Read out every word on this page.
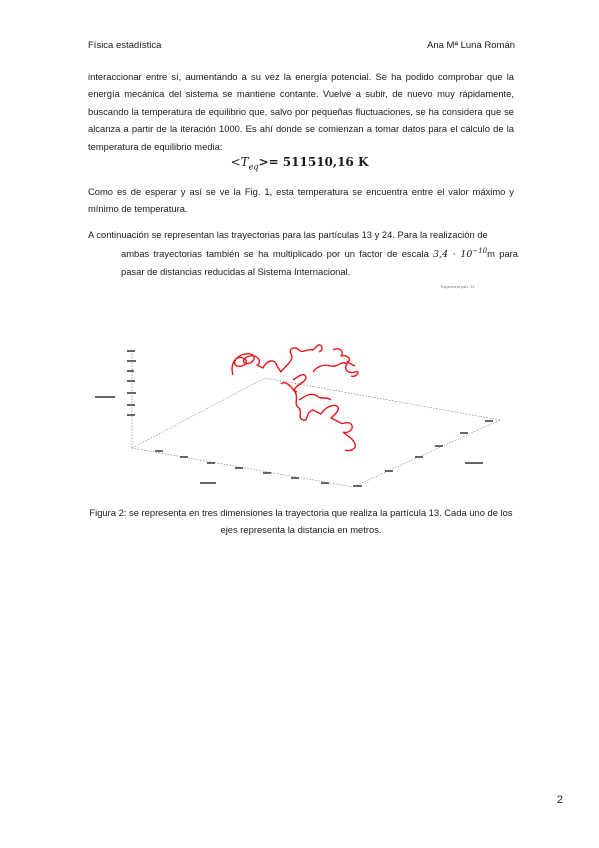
Física estadística	Ana Mª Luna Román

interaccionar entre sí, aumentando a su vez la energía potencial. Se ha podido comprobar que la energía mecánica del sistema se mantiene contante. Vuelve a subir, de nuevo muy rápidamente, buscando la temperatura de equilibrio que, salvo por pequeñas fluctuaciones, se ha considera que se alcanza a partir de la iteración 1000. Es ahí donde se comienzan a tomar datos para el cálculo de la temperatura de equilibrio media:

$<T_{eq}>= 511510,16$ K

Como es de esperar y así se ve la Fig. 1, esta temperatura se encuentra entre el valor máximo y mínimo de temperatura.

A continuación se representan las trayectorias para las partículas 13 y 24. Para la realización de
ambas trayectorias también se ha multiplicado por un factor de escala $3,4 \cdot 10^{-10}m$ para pasar de distancias reducidas al Sistema Internacional.
Trayectoria part. 13
Figura 2: se representa en tres dimensiones la trayectoria que realiza la partícula 13. Cada uno de los ejes representa la distancia en metros.
2
